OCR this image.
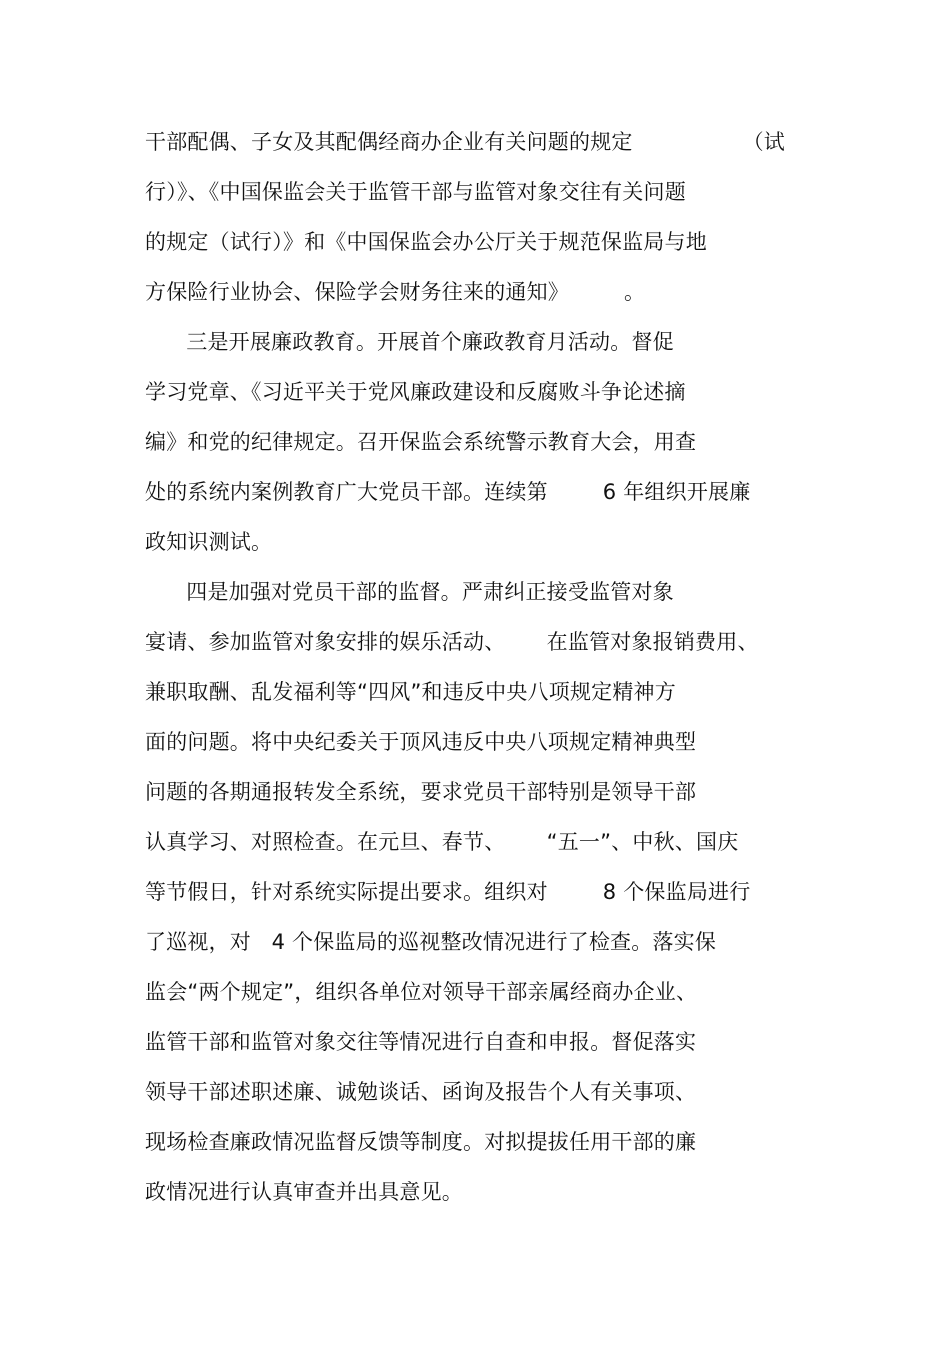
干部配偶、子女及其配偶经商办企业有关问题的规定                （试
行）》、《中国保监会关于监管干部与监管对象交往有关问题
的规定（试行）》和《中国保监会办公厅关于规范保监局与地
方保险行业协会、保险学会财务往来的通知》        。
三是开展廉政教育。开展首个廉政教育月活动。督促
学习党章、《习近平关于党风廉政建设和反腐败斗争论述摘
编》和党的纪律规定。召开保监会系统警示教育大会，用查
处的系统内案例教育广大党员干部。连续第        6 年组织开展廉
政知识测试。
四是加强对党员干部的监督。严肃纠正接受监管对象
宴请、参加监管对象安排的娱乐活动、      在监管对象报销费用、
兼职取酬、乱发福利等“四风”和违反中央八项规定精神方
面的问题。将中央纪委关于顶风违反中央八项规定精神典型
问题的各期通报转发全系统，要求党员干部特别是领导干部
认真学习、对照检查。在元旦、春节、      “五一”、中秋、国庆
等节假日，针对系统实际提出要求。组织对        8 个保监局进行
了巡视，对   4 个保监局的巡视整改情况进行了检查。落实保
监会“两个规定”，组织各单位对领导干部亲属经商办企业、
监管干部和监管对象交往等情况进行自查和申报。督促落实
领导干部述职述廉、诚勉谈话、函询及报告个人有关事项、
现场检查廉政情况监督反馈等制度。对拟提拔任用干部的廉
政情况进行认真审查并出具意见。
